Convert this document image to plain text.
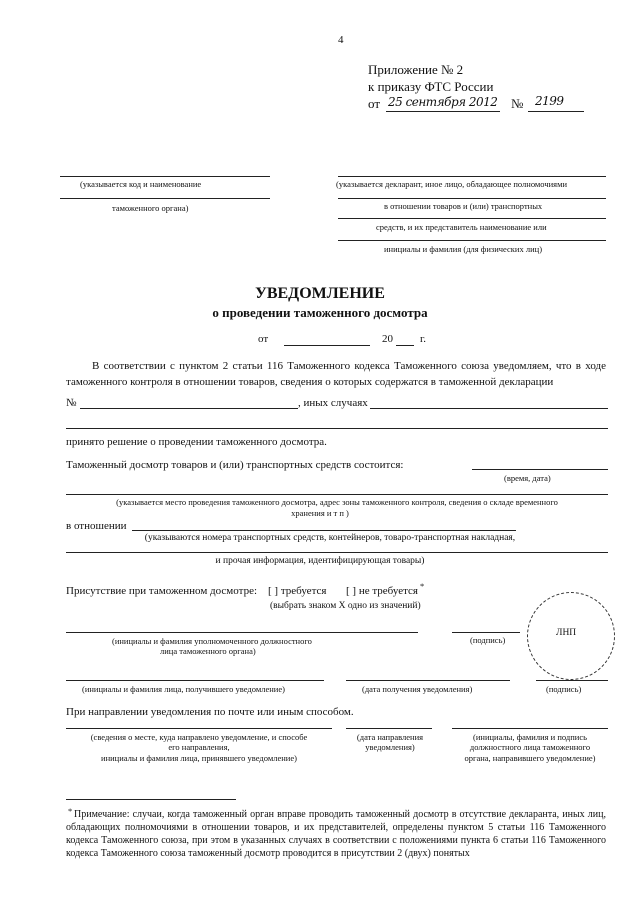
4
Приложение № 2
к приказу ФТС России
от 25 сентября 2012 № 2199
(указывается код и наименование
таможенного органа)
(указывается декларант, иное лицо, обладающее полномочиями
в отношении товаров и (или) транспортных
средств, и их представитель наименование или
инициалы и фамилия (для физических лиц)
УВЕДОМЛЕНИЕ
о проведении таможенного досмотра
от	20 г.
В соответствии с пунктом 2 статьи 116 Таможенного кодекса Таможенного союза уведомляем, что в ходе таможенного контроля в отношении товаров, сведения о которых содержатся в таможенной декларации
№	, иных случаях
принято решение о проведении таможенного досмотра.
Таможенный досмотр товаров и (или) транспортных средств состоится:
(время, дата)
(указывается место проведения таможенного досмотра, адрес зоны таможенного контроля, сведения о складе временного
хранения и т п )
в отношении
(указываются номера транспортных средств, контейнеров, товаро-транспортная накладная,
и прочая информация, идентифицирующая товары)
Присутствие при таможенном досмотре: [ ] требуется [ ] не требуется *
(выбрать знаком Х одно из значений)
(инициалы и фамилия уполномоченного должностного
лица таможенного органа)
(подпись)
ЛНП
(инициалы и фамилия лица, получившего уведомление)	(дата получения уведомления)	(подпись)
При направлении уведомления по почте или иным способом.
(сведения о месте, куда направлено уведомление, и способе
его направления,
инициалы и фамилия лица, принявшего уведомление)
(дата направления
уведомления)
(инициалы, фамилия и подпись
должностного лица таможенного
органа, направившего уведомление)
* Примечание: случаи, когда таможенный орган вправе проводить таможенный досмотр в отсутствие декларанта, иных лиц, обладающих полномочиями в отношении товаров, и их представителей, определены пунктом 5 статьи 116 Таможенного кодекса Таможенного союза, при этом в указанных случаях в соответствии с положениями пункта 6 статьи 116 Таможенного кодекса Таможенного союза таможенный досмотр проводится в присутствии 2 (двух) понятых
